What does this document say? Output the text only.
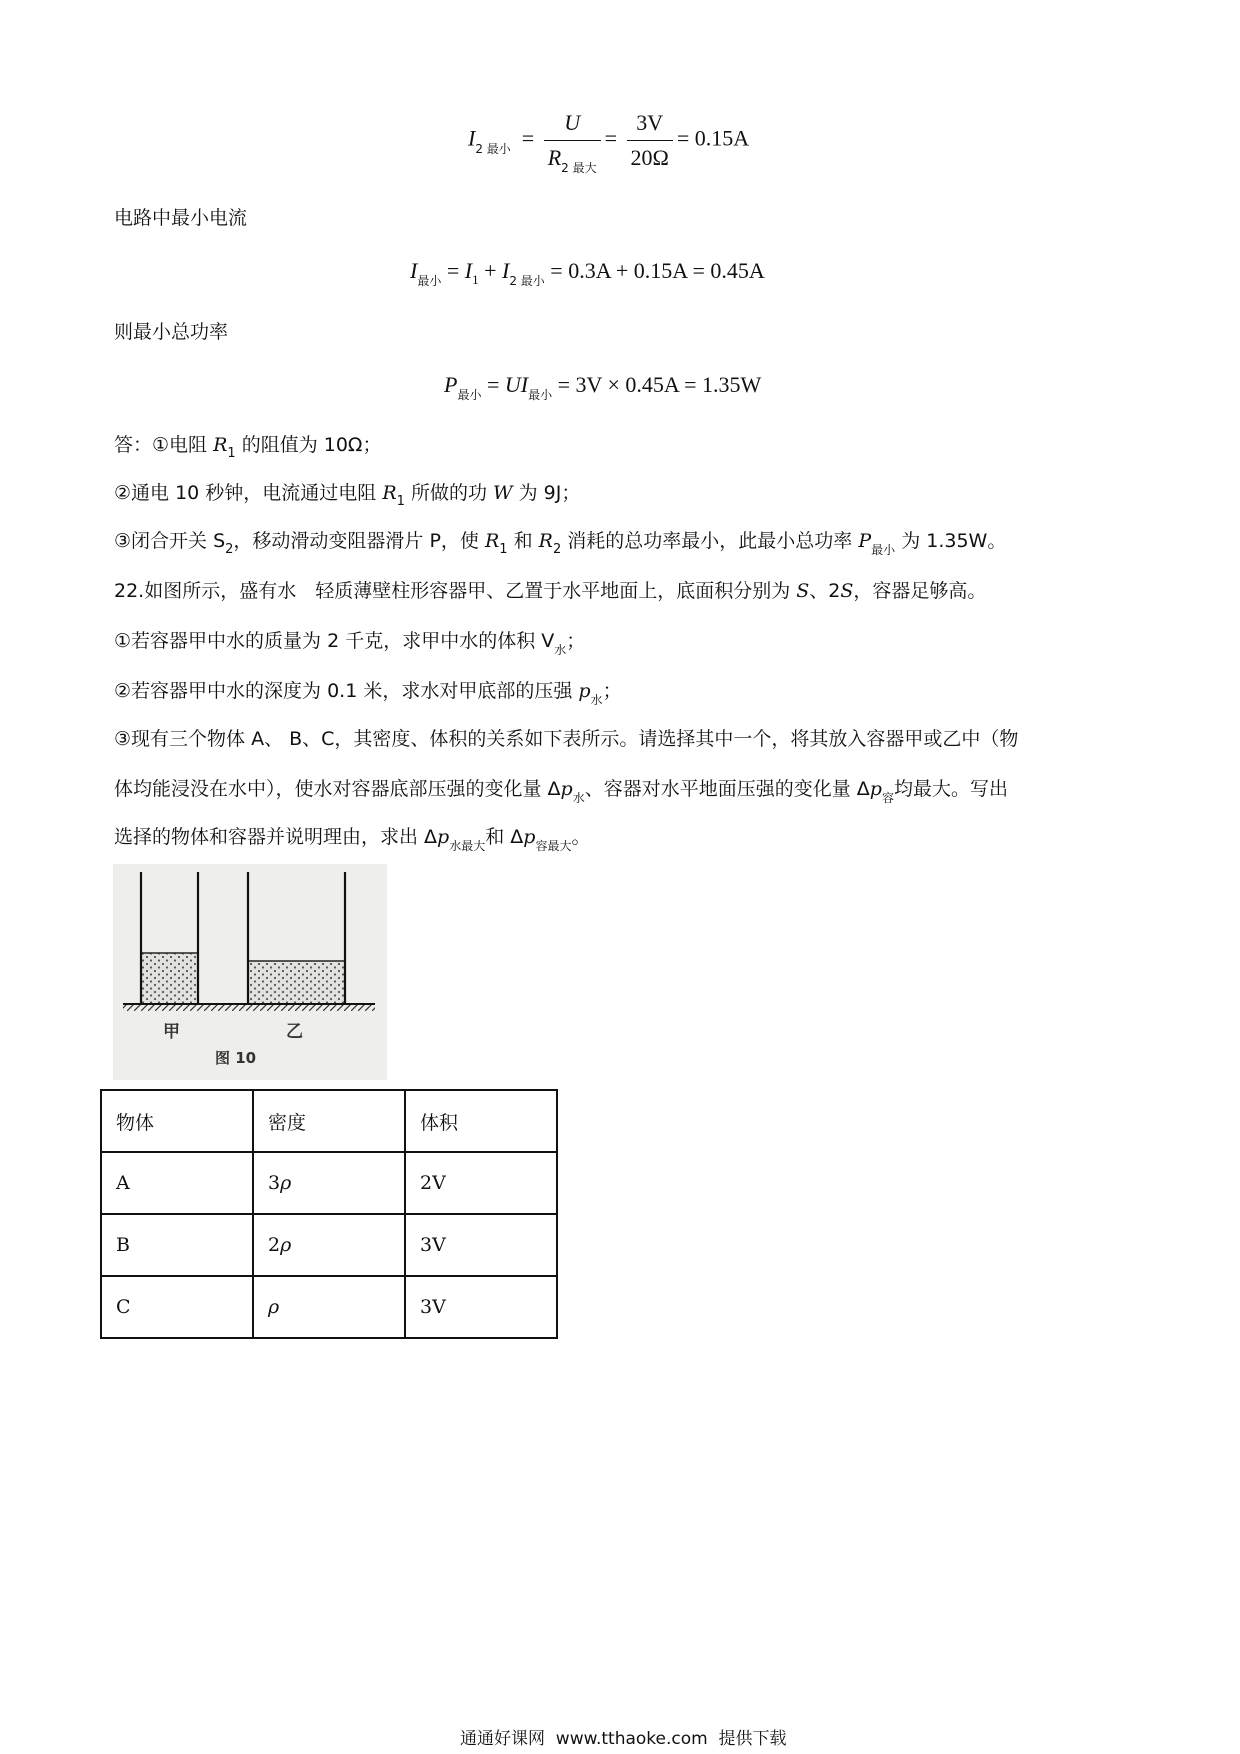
$I_{2 最小} = \frac{U}{R_{2 最大}} = \frac{3V}{20\Omega} = 0.15A$
电路中最小电流
$I_{最小} = I_1 + I_{2 最小} = 0.3A + 0.15A = 0.45A$
则最小总功率
$P_{最小} = UI_{最小} = 3V \times 0.45A = 1.35W$
答：①电阻 $R_1$ 的阻值为 10Ω；
②通电 10 秒钟，电流通过电阻 $R_1$ 所做的功 W 为 9J；
③闭合开关 $S_2$，移动滑动变阻器滑片 P，使 $R_1$ 和 $R_2$ 消耗的总功率最小，此最小总功率 $P_{最小}$ 为 1.35W。
22.如图所示，盛有水　轻质薄壁柱形容器甲、乙置于水平地面上，底面积分别为 S、2S，容器足够高。
①若容器甲中水的质量为 2 千克，求甲中水的体积 $V_水$；
②若容器甲中水的深度为 0.1 米，求水对甲底部的压强 $p_水$；
③现有三个物体 A、 B、C，其密度、体积的关系如下表所示。请选择其中一个，将其放入容器甲或乙中（物
体均能浸没在水中），使水对容器底部压强的变化量 $\Delta p_水$、容器对水平地面压强的变化量 $\Delta p_容$均最大。写出
选择的物体和容器并说明理由，求出 $\Delta p_{水最大}$和 $\Delta p_{容最大}$。
甲	乙
图 10
物体	密度	体积
A	3ρ	2V
B	2ρ	3V
C	ρ	3V
通通好课网  www.tthaoke.com  提供下载
